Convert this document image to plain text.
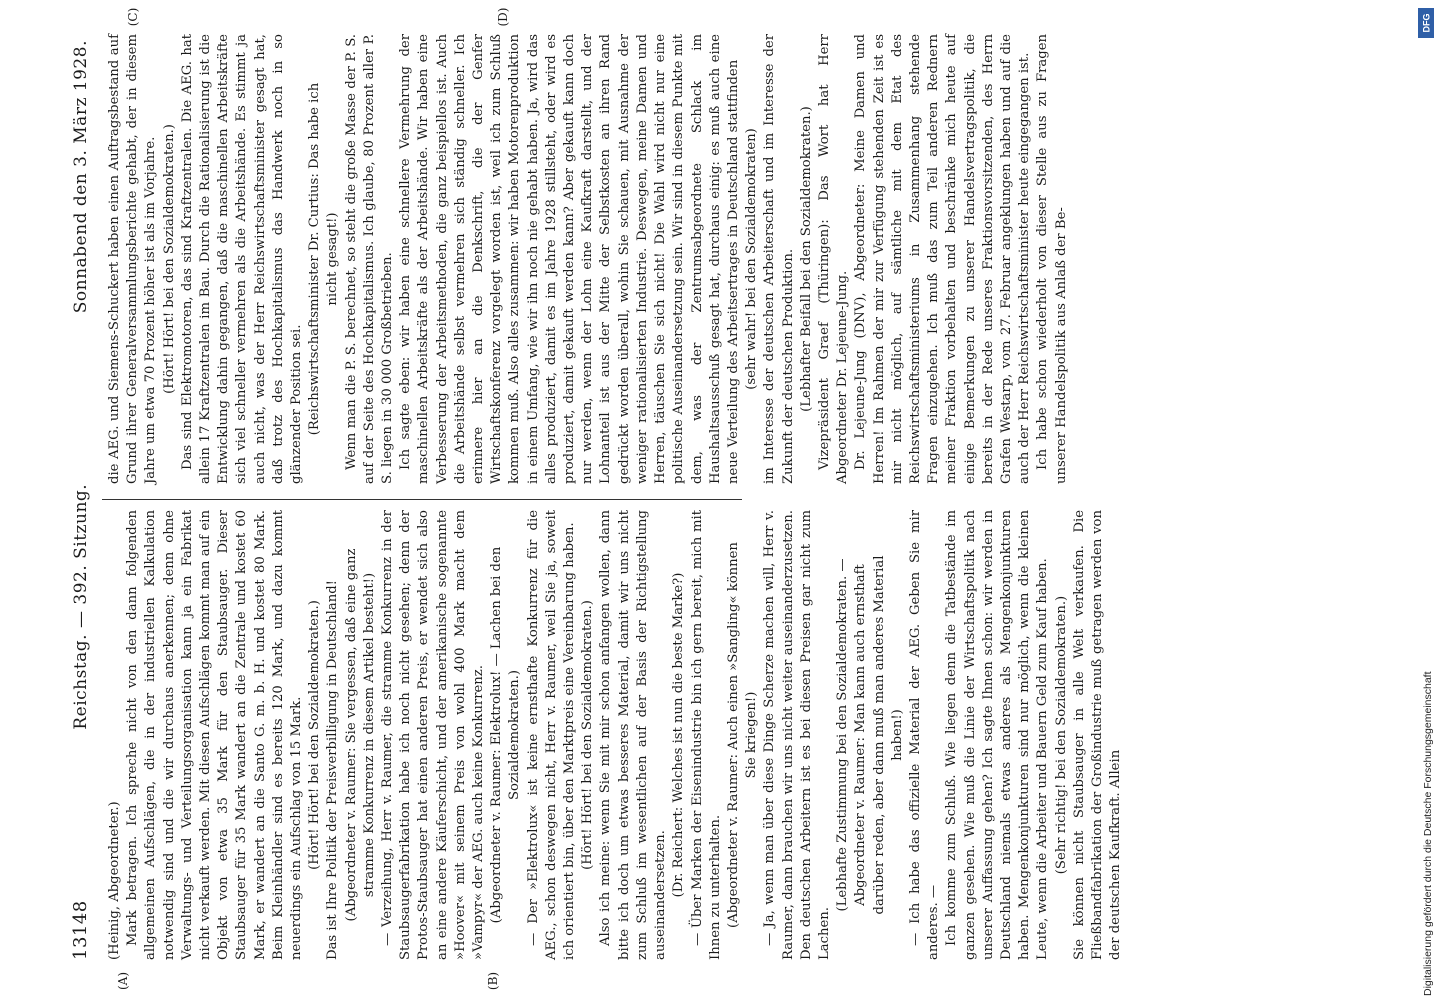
13148
Reichstag. — 392. Sitzung.
Sonnabend den 3. März 1928.
(A)	(B)
(C)	(D)

(Heinig, Abgeordneter.) Mark betragen. Ich spreche nicht von den dann folgenden allgemeinen Aufschlägen, die in der industriellen Kalkulation notwendig sind und die wir durchaus anerkennen; denn ohne Verwaltungs- und Verteilungsorganisation kann ja ein Fabrikat nicht verkauft werden. Mit diesen Aufschlägen kommt man auf ein Objekt von etwa 35 Mark für den Staubsauger. Dieser Staubsauger für 35 Mark wandert an die Zentrale und kostet 60 Mark, er wandert an die Santo G. m. b. H. und kostet 80 Mark. Beim Kleinhändler sind es bereits 120 Mark, und dazu kommt neuerdings ein Aufschlag von 15 Mark. (Hört! Hört! bei den Sozialdemokraten.) Das ist Ihre Politik der Preisverbilligung in Deutschland! (Abgeordneter v. Raumer: Sie vergessen, daß eine ganz stramme Konkurrenz in diesem Artikel besteht!) — Verzeihung, Herr v. Raumer, die stramme Konkurrenz in der Staubsaugerfabrikation habe ich noch nicht gesehen; denn der Protos-Staubsauger hat einen anderen Preis, er wendet sich also an eine andere Käuferschicht, und der amerikanische sogenannte »Hoover« mit seinem Preis von wohl 400 Mark macht dem »Vampyr« der AEG. auch keine Konkurrenz. (Abgeordneter v. Raumer: Elektrolux! — Lachen bei den Sozialdemokraten.) — Der »Elektrolux« ist keine ernsthafte Konkurrenz für die AEG., schon deswegen nicht, Herr v. Raumer, weil Sie ja, soweit ich orientiert bin, über den Marktpreis eine Vereinbarung haben. (Hört! Hört! bei den Sozialdemokraten.) Also ich meine: wenn Sie mit mir schon anfangen wollen, dann bitte ich doch um etwas besseres Material, damit wir uns nicht zum Schluß im wesentlichen auf der Basis der Richtigstellung auseinandersetzen. (Dr. Reichert: Welches ist nun die beste Marke?) — Über Marken der Eisenindustrie bin ich gern bereit, mich mit Ihnen zu unterhalten. (Abgeordneter v. Raumer: Auch einen »Sangling« können Sie kriegen!) — Ja, wenn man über diese Dinge Scherze machen will, Herr v. Raumer, dann brauchen wir uns nicht weiter auseinanderzusetzen. Den deutschen Arbeitern ist es bei diesen Preisen gar nicht zum Lachen.

(Lebhafte Zustimmung bei den Sozialdemokraten. — Abgeordneter v. Raumer: Man kann auch ernsthaft darüber reden, aber dann muß man anderes Material haben!) — Ich habe das offizielle Material der AEG. Geben Sie mir anderes. — Ich komme zum Schluß. Wie liegen denn die Tatbestände im ganzen gesehen. Wie muß die Linie der Wirtschaftspolitik nach unserer Auffassung gehen? Ich sagte Ihnen schon: wir werden in Deutschland niemals etwas anderes als Mengenkonjunkturen haben. Mengenkonjunkturen sind nur möglich, wenn die kleinen Leute, wenn die Arbeiter und Bauern Geld zum Kauf haben. (Sehr richtig! bei den Sozialdemokraten.) Sie können nicht Staubsauger in alle Welt verkaufen. Die Fließbandfabrikation der Großindustrie muß getragen werden von der deutschen Kaufkraft. Allein

die AEG. und Siemens-Schuckert haben einen Auftragsbestand auf Grund ihrer Generalversammlungsberichte gehabt, der in diesem Jahre um etwa 70 Prozent höher ist als im Vorjahre. (Hört! Hört! bei den Sozialdemokraten.) Das sind Elektromotoren, das sind Kraftzentralen. Die AEG. hat allein 17 Kraftzentralen im Bau. Durch die Rationalisierung ist die Entwicklung dahin gegangen, daß die maschinellen Arbeitskräfte sich viel schneller vermehren als die Arbeitshände. Es stimmt ja auch nicht, was der Herr Reichswirtschaftsminister gesagt hat, daß trotz des Hochkapitalismus das Handwerk noch in so glänzender Position sei. (Reichswirtschaftsminister Dr. Curtius: Das habe ich nicht gesagt!) Wenn man die P. S. berechnet, so steht die große Masse der P. S. auf der Seite des Hochkapitalismus. Ich glaube, 80 Prozent aller P. S. liegen in 30 000 Großbetrieben. Ich sagte eben: wir haben eine schnellere Vermehrung der maschinellen Arbeitskräfte als der Arbeitshände. Wir haben eine Verbesserung der Arbeitsmethoden, die ganz beispiellos ist. Auch die Arbeitshände selbst vermehren sich ständig schneller. Ich erinnere hier an die Denkschrift, die der Genfer Wirtschaftskonferenz vorgelegt worden ist, weil ich zum Schluß kommen muß. Also alles zusammen: wir haben Motorenproduktion in einem Umfang, wie wir ihn noch nie gehabt haben. Ja, wird das alles produziert, damit es im Jahre 1928 stillsteht, oder wird es produziert, damit gekauft werden kann? Aber gekauft kann doch nur werden, wenn der Lohn eine Kaufkraft darstellt, und der Lohnanteil ist aus der Mitte der Selbstkosten an ihren Rand gedrückt worden überall, wohin Sie schauen, mit Ausnahme der weniger rationalisierten Industrie. Deswegen, meine Damen und Herren, täuschen Sie sich nicht! Die Wahl wird nicht nur eine politische Auseinandersetzung sein. Wir sind in diesem Punkte mit dem, was der Zentrumsabgeordnete Schlack im Haushaltsausschuß gesagt hat, durchaus einig: es muß auch eine neue Verteilung des Arbeitsertrages in Deutschland stattfinden (sehr wahr! bei den Sozialdemokraten) im Interesse der deutschen Arbeiterschaft und im Interesse der Zukunft der deutschen Produktion. (Lebhafter Beifall bei den Sozialdemokraten.) Vizepräsident Graef (Thüringen): Das Wort hat Herr Abgeordneter Dr. Lejeune-Jung. Dr. Lejeune-Jung (DNV), Abgeordneter: Meine Damen und Herren! Im Rahmen der mir zur Verfügung stehenden Zeit ist es mir nicht möglich, auf sämtliche mit dem Etat des Reichswirtschaftsministeriums in Zusammenhang stehende Fragen einzugehen. Ich muß das zum Teil anderen Rednern meiner Fraktion vorbehalten und beschränke mich heute auf einige Bemerkungen zu unserer Handelsvertragspolitik, die bereits in der Rede unseres Fraktionsvorsitzenden, des Herrn Grafen Westarp, vom 27. Februar angeklungen haben und auf die auch der Herr Reichswirtschaftsminister heute eingegangen ist. Ich habe schon wiederholt von dieser Stelle aus zu Fragen unserer Handelspolitik aus Anlaß der Be-

DFG
Digitalisierung gefördert durch die Deutsche Forschungsgemeinschaft
